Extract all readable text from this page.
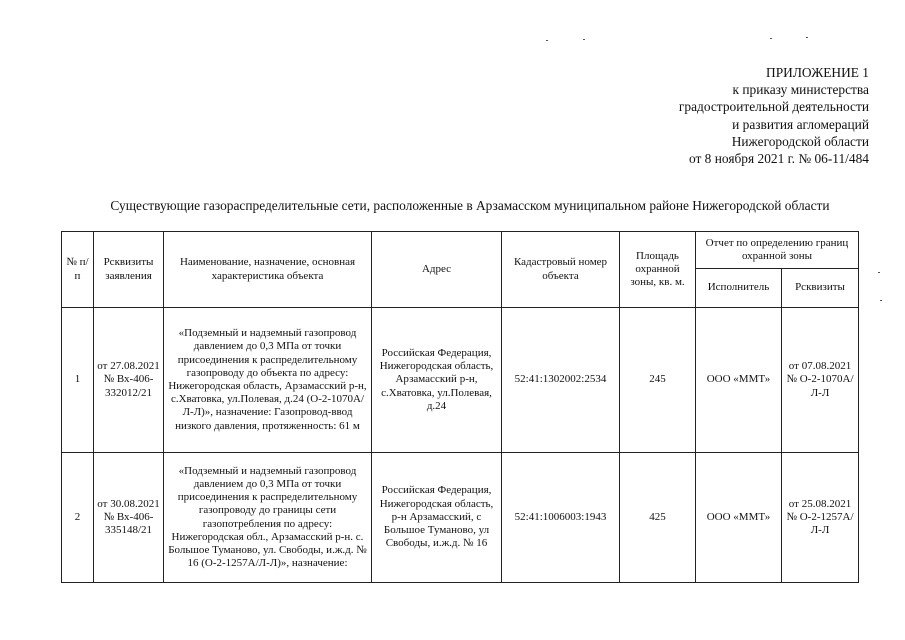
ПРИЛОЖЕНИЕ 1
к приказу министерства
градостроительной деятельности
и развития агломераций
Нижегородской области
от 8 ноября 2021 г. № 06-11/484
Существующие газораспределительные сети, расположенные в Арзамасском муниципальном районе Нижегородской области
№ п/п	Рсквизиты заявления	Наименование, назначение, основная характеристика объекта	Адрес	Кадастровый номер объекта	Площадь охранной зоны, кв. м.	Отчет по определению границ охранной зоны	
						Исполнитель	Рсквизиты
1	от 27.08.2021 № Вх-406-332012/21	«Подземный и надземный газопровод давлением до 0,3 МПа от точки присоединения к распределительному газопроводу до объекта по адресу: Нижегородская область, Арзамасский р-н, с.Хватовка, ул.Полевая, д.24 (О-2-1070А/Л-Л)», назначение: Газопровод-ввод низкого давления, протяженность: 61 м	Российская Федерация, Нижегородская область, Арзамасский р-н, с.Хватовка, ул.Полевая, д.24	52:41:1302002:2534	245	ООО «ММТ»	от 07.08.2021 № О-2-1070А/Л-Л
2	от 30.08.2021 № Вх-406-335148/21	«Подземный и надземный газопровод давлением до 0,3 МПа от точки присоединения к распределительному газопроводу до границы сети газопотребления по адресу: Нижегородская обл., Арзамасский р-н. с. Большое Туманово, ул. Свободы, и.ж.д. № 16 (О-2-1257А/Л-Л)», назначение:	Российская Федерация, Нижегородская область, р-н Арзамасский, с Большое Туманово, ул Свободы, и.ж.д. № 16	52:41:1006003:1943	425	ООО «ММТ»	от 25.08.2021 № О-2-1257А/Л-Л
